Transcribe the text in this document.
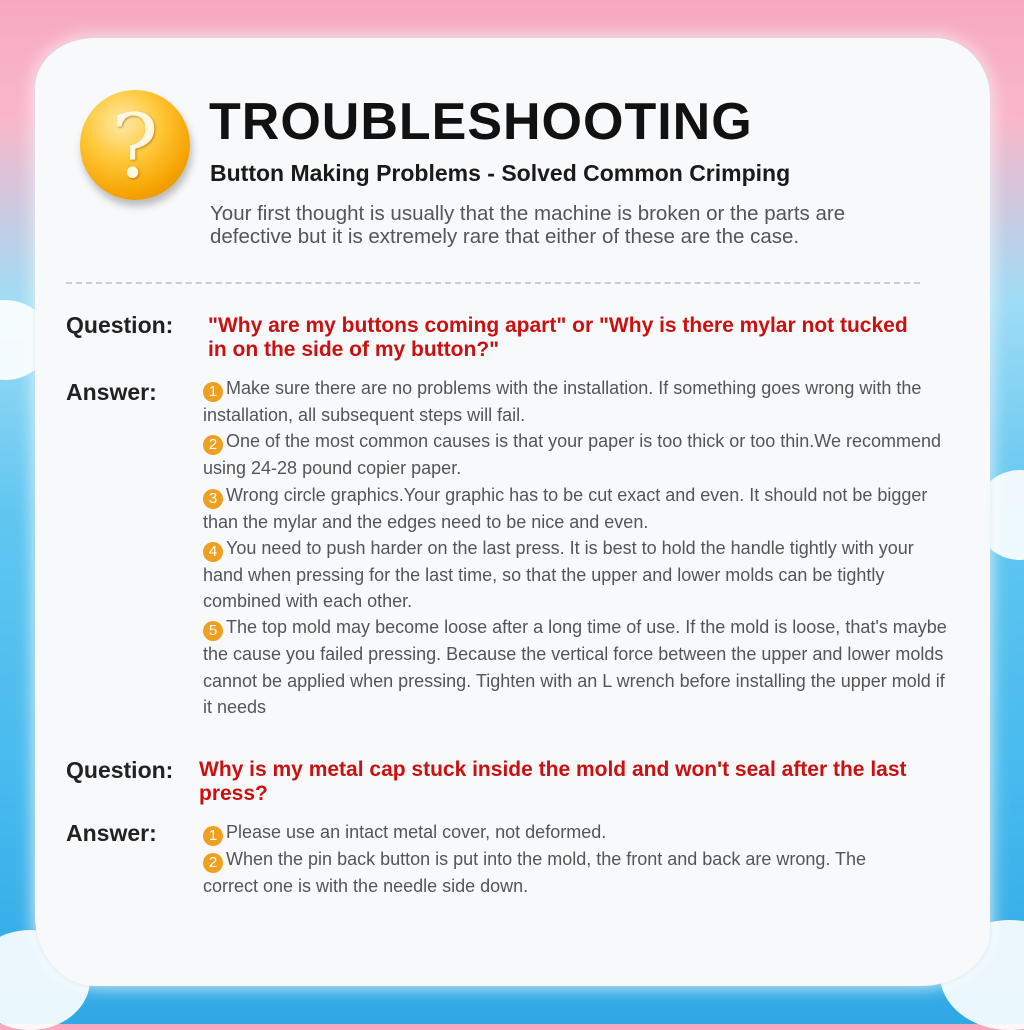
? TROUBLESHOOTING
Button Making Problems - Solved Common Crimping
Your first thought is usually that the machine is broken or the parts are defective but it is extremely rare that either of these are the case.
Question: "Why are my buttons coming apart" or "Why is there mylar not tucked in on the side of my button?"
Answer:	1 Make sure there are no problems with the installation. If something goes wrong with the installation, all subsequent steps will fail.

2 One of the most common causes is that your paper is too thick or too thin.We recommend using 24-28 pound copier paper.

3 Wrong circle graphics.Your graphic has to be cut exact and even. It should not be bigger than the mylar and the edges need to be nice and even.

4 You need to push harder on the last press. It is best to hold the handle tightly with your hand when pressing for the last time, so that the upper and lower molds can be tightly combined with each other.

5 The top mold may become loose after a long time of use. If the mold is loose, that's maybe the cause you failed pressing. Because the vertical force between the upper and lower molds cannot be applied when pressing. Tighten with an L wrench before installing the upper mold if it needs

Question: Why is my metal cap stuck inside the mold and won't seal after the last press?
Answer:	1 Please use an intact metal cover, not deformed.

2 When the pin back button is put into the mold, the front and back are wrong. The correct one is with the needle side down.
